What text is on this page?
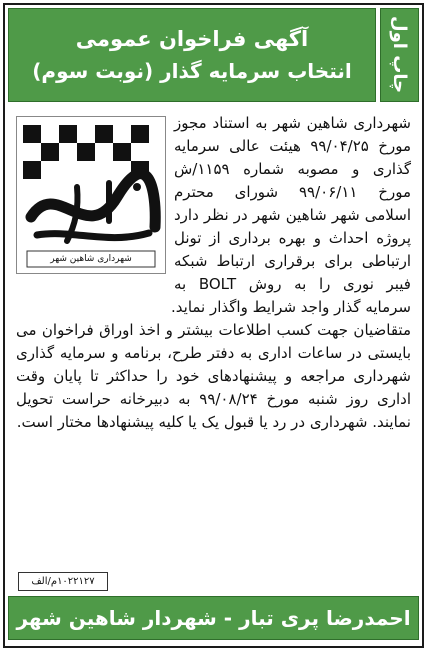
آگهی فراخوان عمومی
انتخاب سرمایه گذار (نوبت سوم) چاپ اول
شهرداری شاهین شهر

شهرداری شاهین شهر به استناد مجوز مورخ ۹۹/۰۴/۲۵ هیئت عالی سرمایه گذاری و مصوبه شماره ۱۱۵۹/ش مورخ ۹۹/۰۶/۱۱ شورای محترم اسلامی شهر شاهین شهر در نظر دارد پروژه احداث و بهره برداری از تونل ارتباطی برای برقراری ارتباط شبکه فیبر نوری را به روش BOLT به سرمایه گذار واجد شرایط واگذار نماید.

متقاضیان جهت کسب اطلاعات بیشتر و اخذ اوراق فراخوان می بایستی در ساعات اداری به دفتر طرح، برنامه و سرمایه گذاری شهرداری مراجعه و پیشنهادهای خود را حداکثر تا پایان وقت اداری روز شنبه مورخ ۹۹/۰۸/۲۴ به دبیرخانه حراست تحویل نمایند. شهرداری در رد یا قبول یک یا کلیه پیشنهادها مختار است.

۱۰۲۲۱۲۷م/الف
احمدرضا پری تبار - شهردار شاهین شهر
